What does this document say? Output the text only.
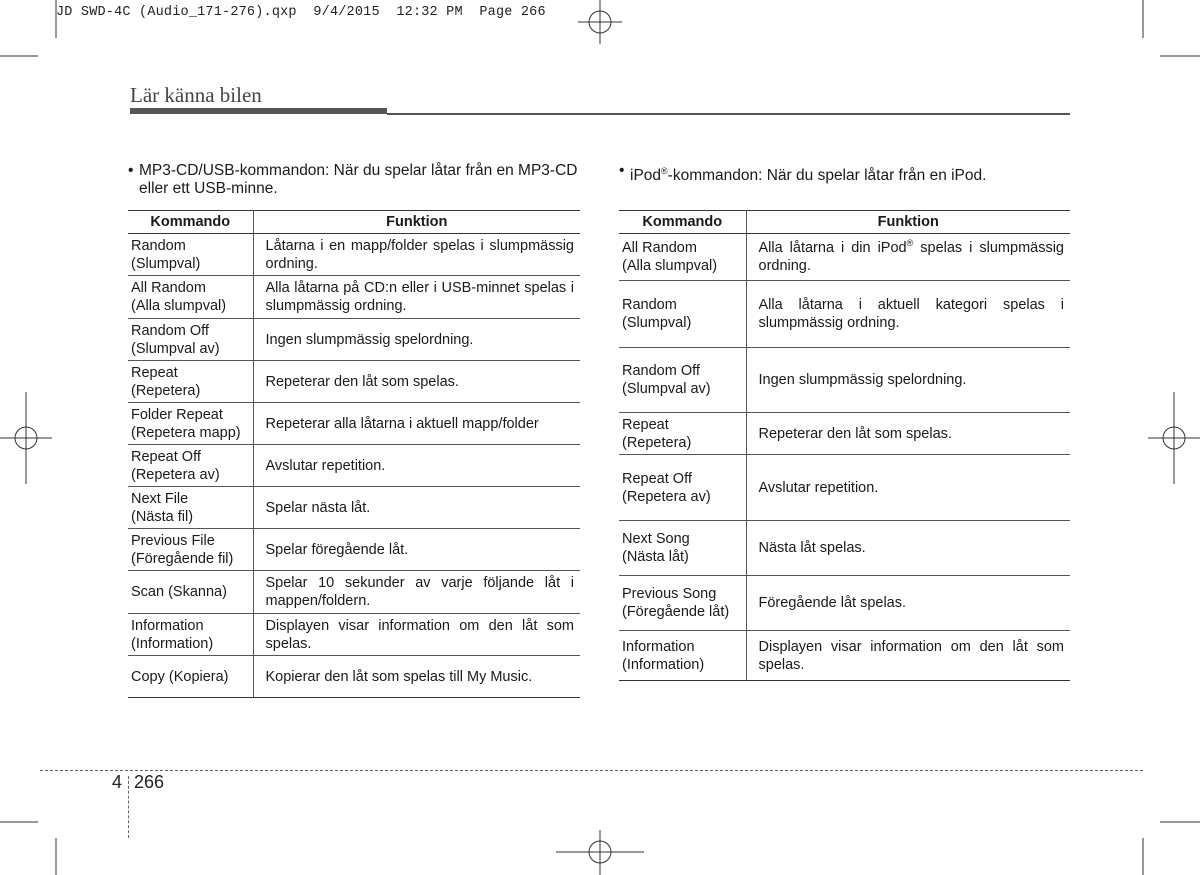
JD SWD-4C (Audio_171-276).qxp  9/4/2015  12:32 PM  Page 266
Lär känna bilen
• MP3-CD/USB-kommandon: När du spelar låtar från en MP3-CD eller ett USB-minne.
Kommando	Funktion
Random
(Slumpval)	Låtarna i en mapp/folder spelas i slumpmässig ordning.
All Random
(Alla slumpval)	Alla låtarna på CD:n eller i USB-minnet spelas i slumpmässig ordning.
Random Off
(Slumpval av)	Ingen slumpmässig spelordning.
Repeat
(Repetera)	Repeterar den låt som spelas.
Folder Repeat
(Repetera mapp)	Repeterar alla låtarna i aktuell mapp/folder
Repeat Off
(Repetera av)	Avslutar repetition.
Next File
(Nästa fil)	Spelar nästa låt.
Previous File
(Föregående fil)	Spelar föregående låt.
Scan (Skanna)	Spelar 10 sekunder av varje följande låt i mappen/foldern.
Information
(Information)	Displayen visar information om den låt som spelas.
Copy (Kopiera)	Kopierar den låt som spelas till My Music.
• iPod®-kommandon: När du spelar låtar från en iPod.
Kommando	Funktion
All Random
(Alla slumpval)	Alla låtarna i din iPod® spelas i slumpmässig ordning.
Random
(Slumpval)	Alla låtarna i aktuell kategori spelas i slumpmässig ordning.
Random Off
(Slumpval av)	Ingen slumpmässig spelordning.
Repeat
(Repetera)	Repeterar den låt som spelas.
Repeat Off
(Repetera av)	Avslutar repetition.
Next Song
(Nästa låt)	Nästa låt spelas.
Previous Song
(Föregående låt)	Föregående låt spelas.
Information
(Information)	Displayen visar information om den låt som spelas.
4 266
